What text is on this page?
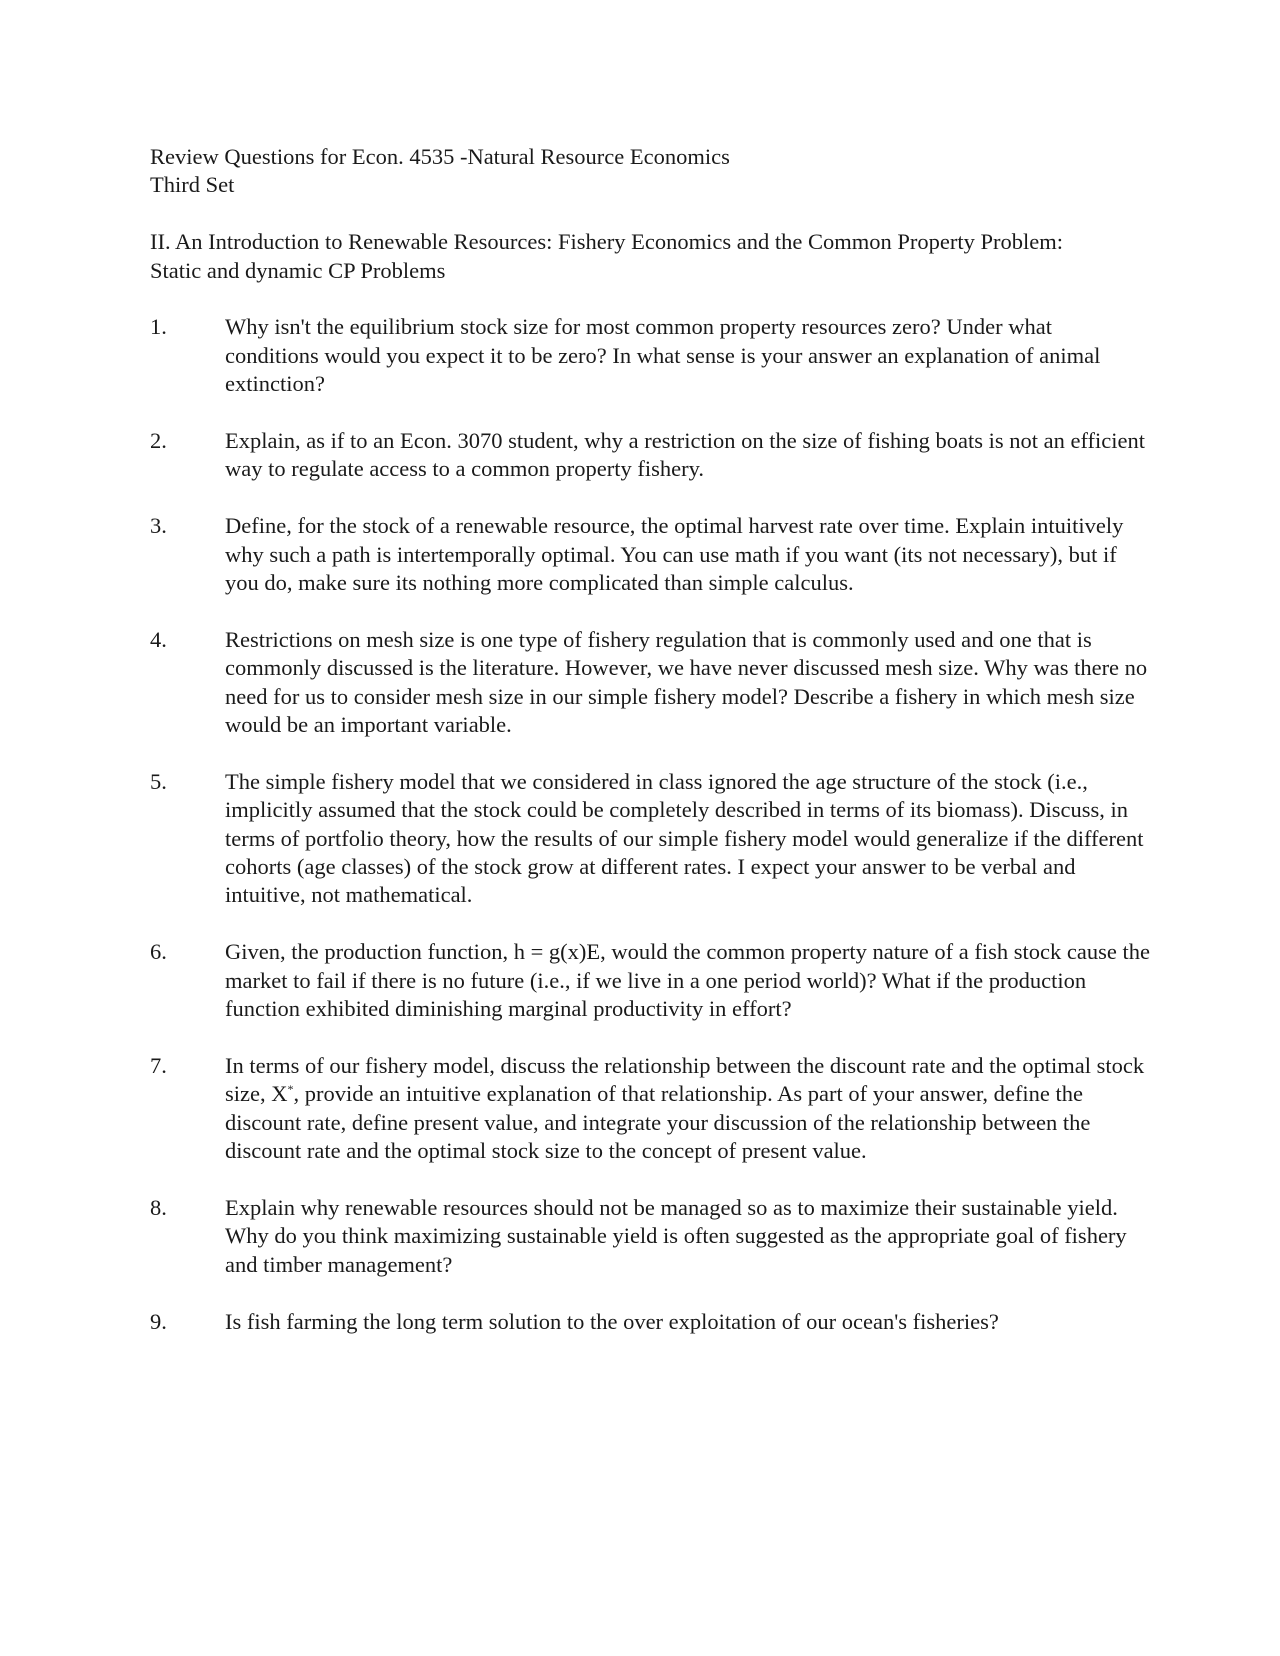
Review Questions for Econ. 4535 -Natural Resource Economics
Third Set
II. An Introduction to Renewable Resources: Fishery Economics and the Common Property Problem: Static and dynamic CP Problems
1.	Why isn't the equilibrium stock size for most common property resources zero? Under what conditions would you expect it to be zero? In what sense is your answer an explanation of animal extinction?
2.	Explain, as if to an Econ. 3070 student, why a restriction on the size of fishing boats is not an efficient way to regulate access to a common property fishery.
3.	Define, for the stock of a renewable resource, the optimal harvest rate over time. Explain intuitively why such a path is intertemporally optimal. You can use math if you want (its not necessary), but if you do, make sure its nothing more complicated than simple calculus.
4.	Restrictions on mesh size is one type of fishery regulation that is commonly used and one that is commonly discussed is the literature. However, we have never discussed mesh size. Why was there no need for us to consider mesh size in our simple fishery model? Describe a fishery in which mesh size would be an important variable.
5.	The simple fishery model that we considered in class ignored the age structure of the stock (i.e., implicitly assumed that the stock could be completely described in terms of its biomass). Discuss, in terms of portfolio theory, how the results of our simple fishery model would generalize if the different cohorts (age classes) of the stock grow at different rates. I expect your answer to be verbal and intuitive, not mathematical.
6.	Given, the production function, h = g(x)E, would the common property nature of a fish stock cause the market to fail if there is no future (i.e., if we live in a one period world)? What if the production function exhibited diminishing marginal productivity in effort?
7.	In terms of our fishery model, discuss the relationship between the discount rate and the optimal stock size, X*, provide an intuitive explanation of that relationship. As part of your answer, define the discount rate, define present value, and integrate your discussion of the relationship between the discount rate and the optimal stock size to the concept of present value.
8.	Explain why renewable resources should not be managed so as to maximize their sustainable yield. Why do you think maximizing sustainable yield is often suggested as the appropriate goal of fishery and timber management?
9.	Is fish farming the long term solution to the over exploitation of our ocean's fisheries?
